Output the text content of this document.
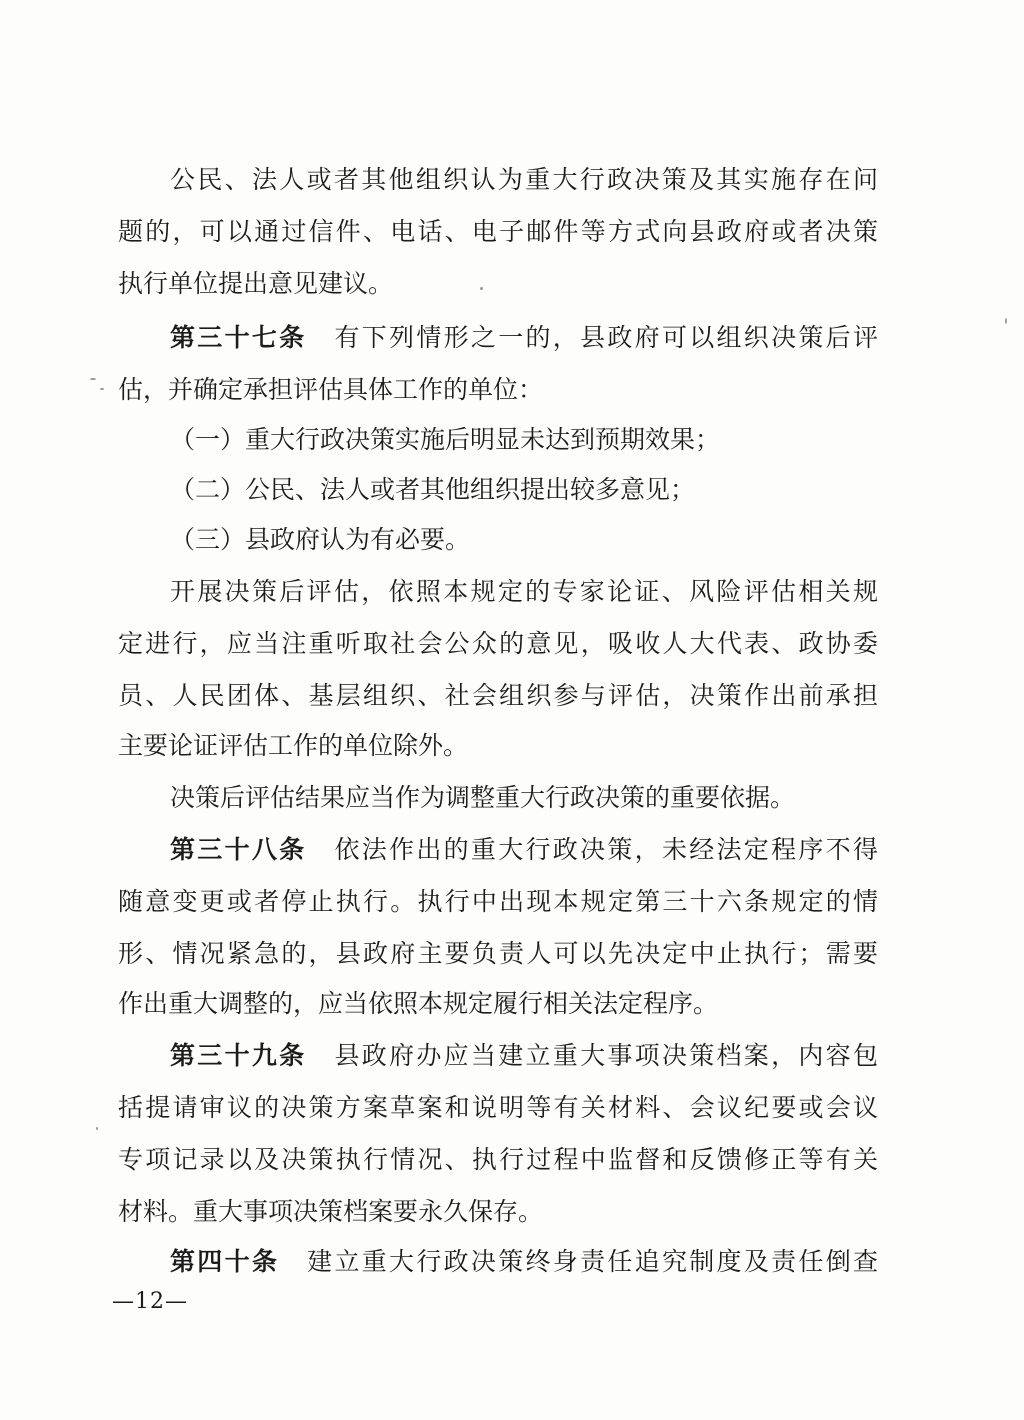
公民、法人或者其他组织认为重大行政决策及其实施存在问
题的，可以通过信件、电话、电子邮件等方式向县政府或者决策
执行单位提出意见建议。
第三十七条 有下列情形之一的，县政府可以组织决策后评
估，并确定承担评估具体工作的单位：
（一）重大行政决策实施后明显未达到预期效果；
（二）公民、法人或者其他组织提出较多意见；
（三）县政府认为有必要。
开展决策后评估，依照本规定的专家论证、风险评估相关规
定进行，应当注重听取社会公众的意见，吸收人大代表、政协委
员、人民团体、基层组织、社会组织参与评估，决策作出前承担
主要论证评估工作的单位除外。
决策后评估结果应当作为调整重大行政决策的重要依据。
第三十八条 依法作出的重大行政决策，未经法定程序不得
随意变更或者停止执行。执行中出现本规定第三十六条规定的情
形、情况紧急的，县政府主要负责人可以先决定中止执行；需要
作出重大调整的，应当依照本规定履行相关法定程序。
第三十九条 县政府办应当建立重大事项决策档案，内容包
括提请审议的决策方案草案和说明等有关材料、会议纪要或会议
专项记录以及决策执行情况、执行过程中监督和反馈修正等有关
材料。重大事项决策档案要永久保存。
第四十条 建立重大行政决策终身责任追究制度及责任倒查
—12—
